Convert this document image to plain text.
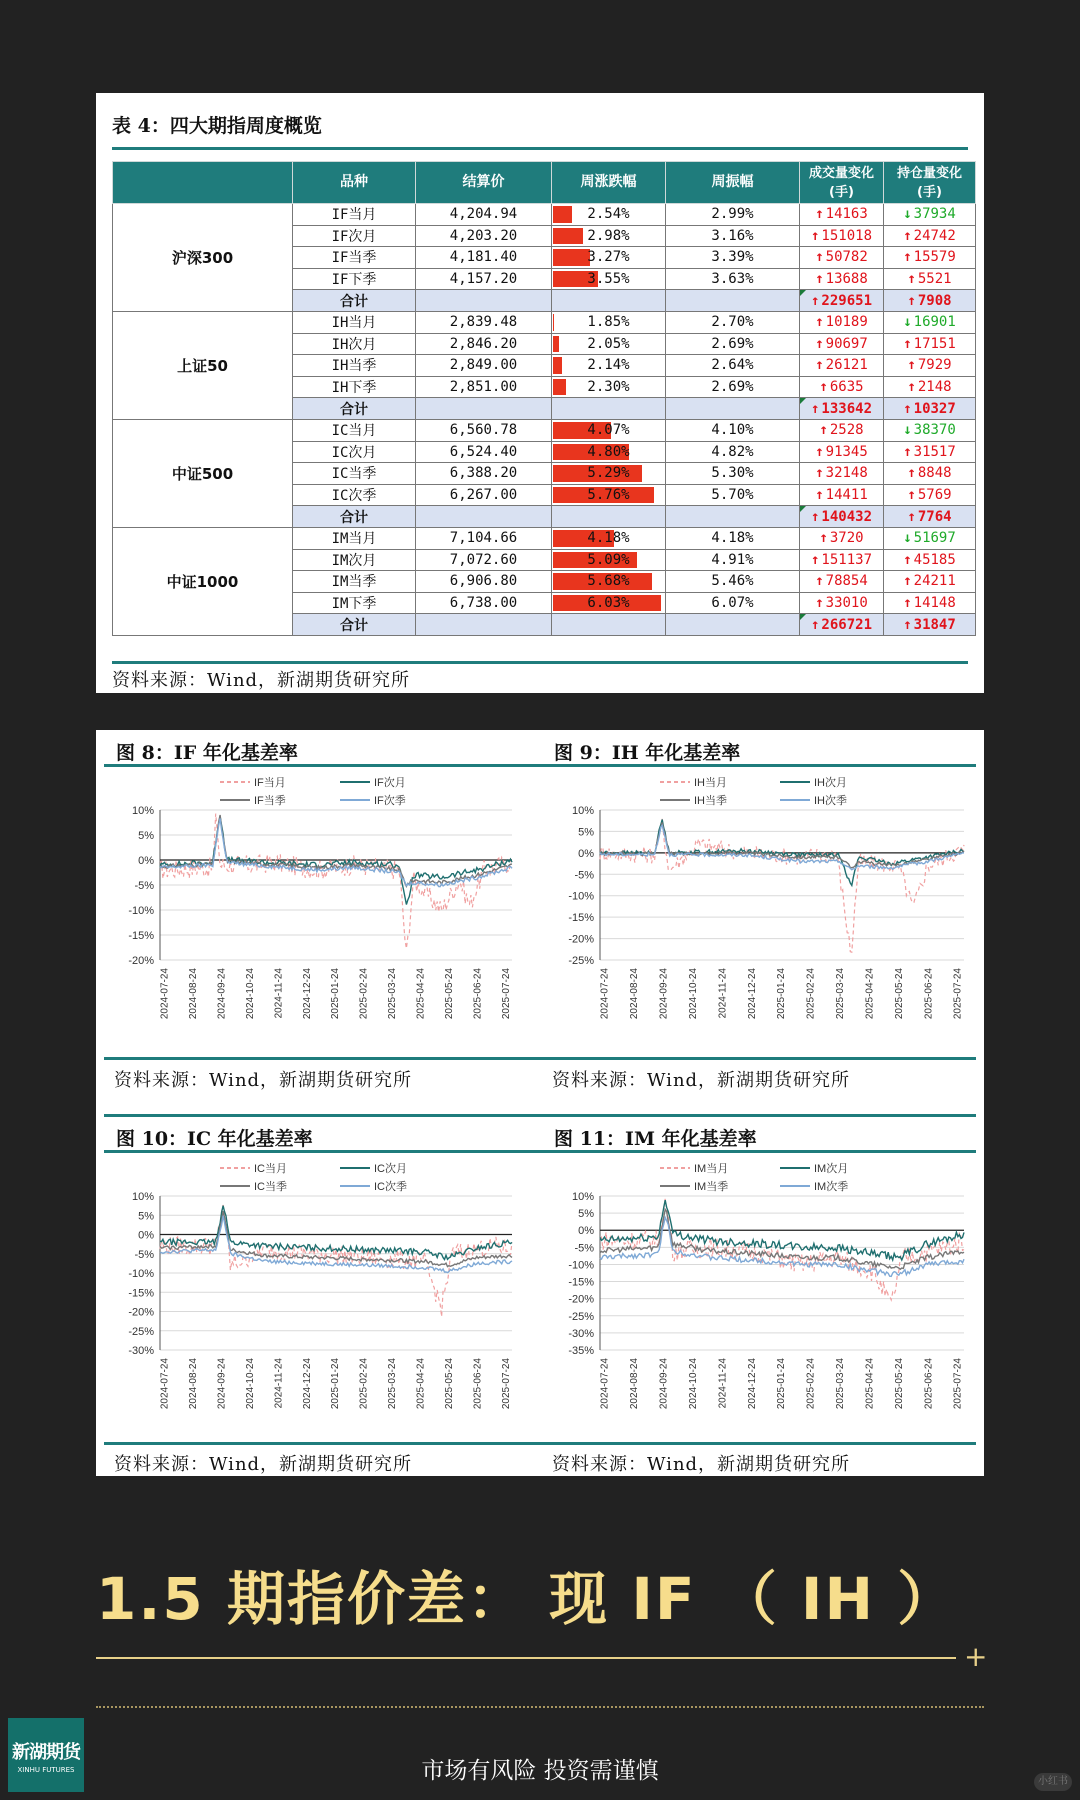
表 4：四大期指周度概览
	品种	结算价	周涨跌幅	周振幅	成交量变化(手)	持仓量变化(手)
沪深300	IF当月	4,204.94	2.54%	2.99%	↑ 14163	↓ 37934
	IF次月	4,203.20	2.98%	3.16%	↑ 151018	↑ 24742
	IF当季	4,181.40	3.27%	3.39%	↑ 50782	↑ 15579
	IF下季	4,157.20	3.55%	3.63%	↑ 13688	↑ 5521
	合计				↑ 229651	↑ 7908
上证50	IH当月	2,839.48	1.85%	2.70%	↑ 10189	↓ 16901
	IH次月	2,846.20	2.05%	2.69%	↑ 90697	↑ 17151
	IH当季	2,849.00	2.14%	2.64%	↑ 26121	↑ 7929
	IH下季	2,851.00	2.30%	2.69%	↑ 6635	↑ 2148
	合计				↑ 133642	↑ 10327
中证500	IC当月	6,560.78	4.07%	4.10%	↑ 2528	↓ 38370
	IC次月	6,524.40	4.80%	4.82%	↑ 91345	↑ 31517
	IC当季	6,388.20	5.29%	5.30%	↑ 32148	↑ 8848
	IC次季	6,267.00	5.76%	5.70%	↑ 14411	↑ 5769
	合计				↑ 140432	↑ 7764
中证1000	IM当月	7,104.66	4.18%	4.18%	↑ 3720	↓ 51697
	IM次月	7,072.60	5.09%	4.91%	↑ 151137	↑ 45185
	IM当季	6,906.80	5.68%	5.46%	↑ 78854	↑ 24211
	IM下季	6,738.00	6.03%	6.07%	↑ 33010	↑ 14148
	合计				↑ 266721	↑ 31847
资料来源：Wind，新湖期货研究所
图 8：IF 年化基差率	图 9：IH 年化基差率
10%
5%
0%
-5%
-10%
-15%
-20%
2024-07-24 2024-08-24 2024-09-24 2024-10-24 2024-11-24 2024-12-24 2025-01-24 2025-02-24 2025-03-24 2025-04-24 2025-05-24 2025-06-24 2025-07-24
IF当月	IF次月
IF当季	IF次季
10%
5%
0%
-5%
-10%
-15%
-20%
-25%
2024-07-24 2024-08-24 2024-09-24 2024-10-24 2024-11-24 2024-12-24 2025-01-24 2025-02-24 2025-03-24 2025-04-24 2025-05-24 2025-06-24 2025-07-24
IH当月	IH次月
IH当季	IH次季
资料来源：Wind，新湖期货研究所	资料来源：Wind，新湖期货研究所
图 10：IC 年化基差率	图 11：IM 年化基差率
10%
5%
0%
-5%
-10%
-15%
-20%
-25%
-30%
2024-07-24 2024-08-24 2024-09-24 2024-10-24 2024-11-24 2024-12-24 2025-01-24 2025-02-24 2025-03-24 2025-04-24 2025-05-24 2025-06-24 2025-07-24
IC当月	IC次月
IC当季	IC次季
10%
5%
0%
-5%
-10%
-15%
-20%
-25%
-30%
-35%
2024-07-24 2024-08-24 2024-09-24 2024-10-24 2024-11-24 2024-12-24 2025-01-24 2025-02-24 2025-03-24 2025-04-24 2025-05-24 2025-06-24 2025-07-24
IM当月	IM次月
IM当季	IM次季
资料来源：Wind，新湖期货研究所	资料来源：Wind，新湖期货研究所
1.5 期指价差： 现 IF （ IH ）
+
新湖期货
XINHU FUTURES	市场有风险 投资需谨慎	小红书
